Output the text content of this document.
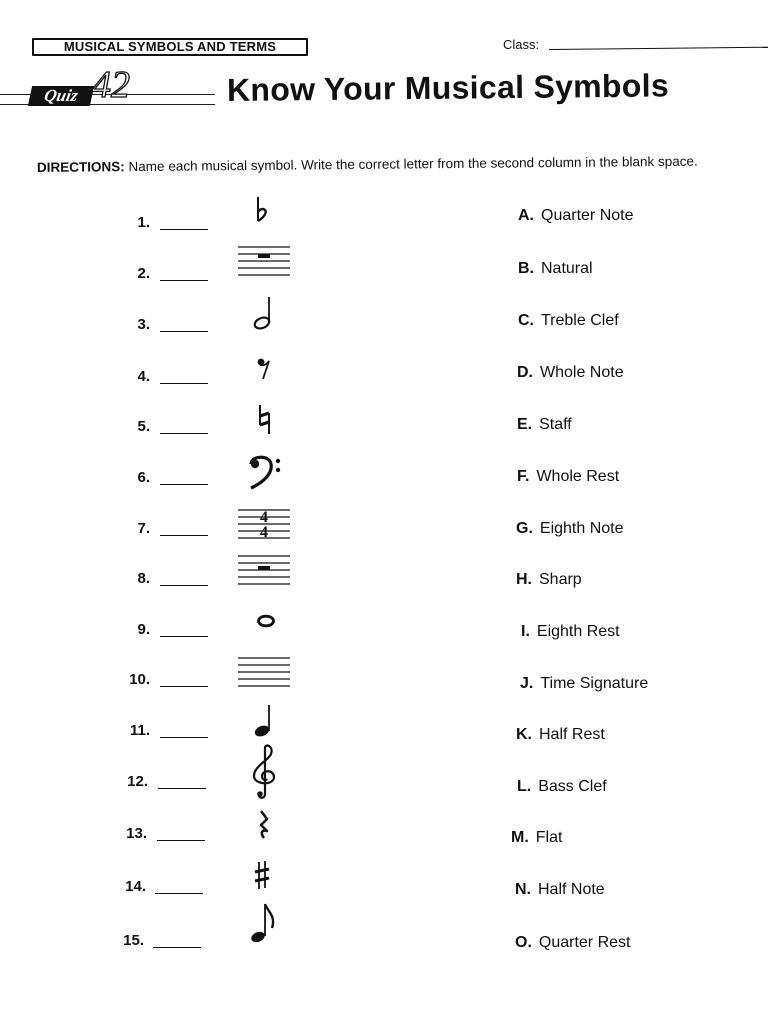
MUSICAL SYMBOLS AND TERMS	Class:
Quiz 42	Know Your Musical Symbols
DIRECTIONS: Name each musical symbol. Write the correct letter from the second column in the blank space.
1.
2.
3.
4.
5.
6.
7.
8.
9.
10.
11.
12.
13.
14.
15.
4
4
A. Quarter Note
B. Natural
C. Treble Clef
D. Whole Note
E. Staff
F. Whole Rest
G. Eighth Note
H. Sharp
I. Eighth Rest
J. Time Signature
K. Half Rest
L. Bass Clef
M. Flat
N. Half Note
O. Quarter Rest
